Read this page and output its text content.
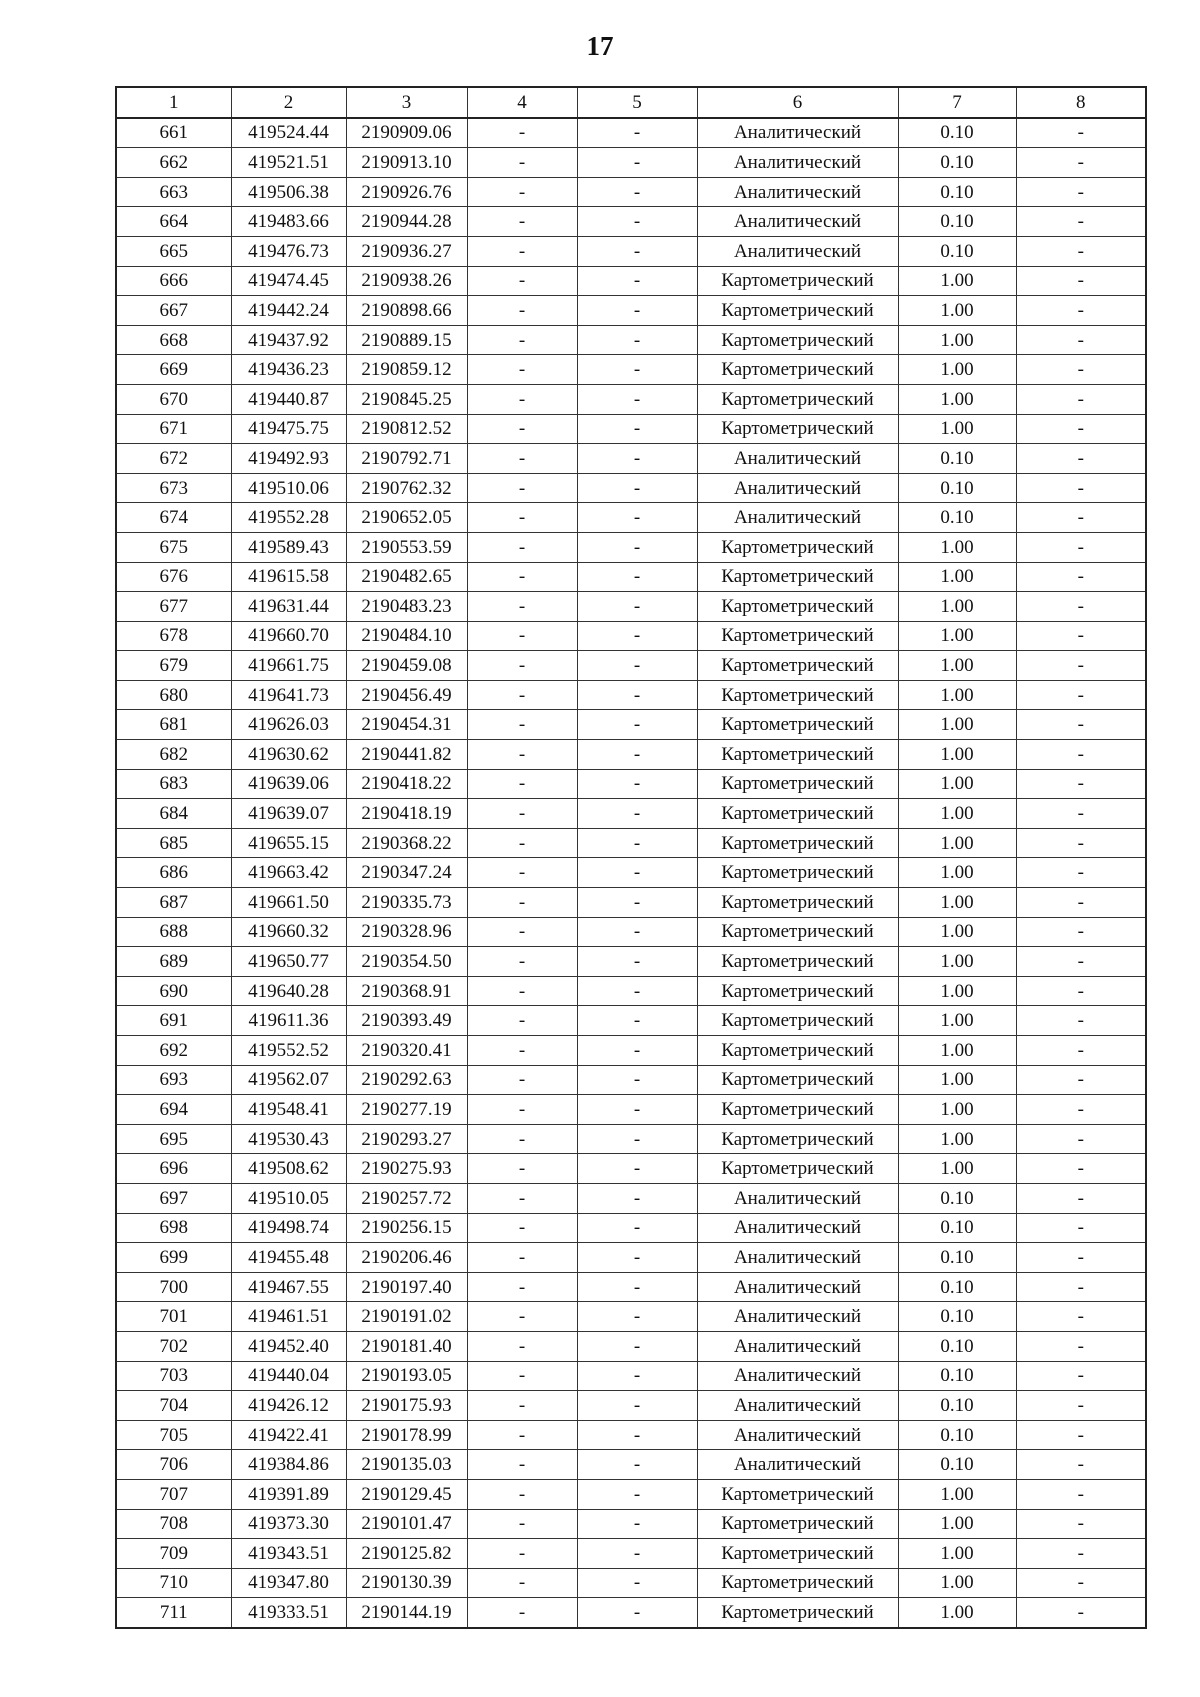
17
1	2	3	4	5	6	7	8
661	419524.44	2190909.06	-	-	Аналитический	0.10	-
662	419521.51	2190913.10	-	-	Аналитический	0.10	-
663	419506.38	2190926.76	-	-	Аналитический	0.10	-
664	419483.66	2190944.28	-	-	Аналитический	0.10	-
665	419476.73	2190936.27	-	-	Аналитический	0.10	-
666	419474.45	2190938.26	-	-	Картометрический	1.00	-
667	419442.24	2190898.66	-	-	Картометрический	1.00	-
668	419437.92	2190889.15	-	-	Картометрический	1.00	-
669	419436.23	2190859.12	-	-	Картометрический	1.00	-
670	419440.87	2190845.25	-	-	Картометрический	1.00	-
671	419475.75	2190812.52	-	-	Картометрический	1.00	-
672	419492.93	2190792.71	-	-	Аналитический	0.10	-
673	419510.06	2190762.32	-	-	Аналитический	0.10	-
674	419552.28	2190652.05	-	-	Аналитический	0.10	-
675	419589.43	2190553.59	-	-	Картометрический	1.00	-
676	419615.58	2190482.65	-	-	Картометрический	1.00	-
677	419631.44	2190483.23	-	-	Картометрический	1.00	-
678	419660.70	2190484.10	-	-	Картометрический	1.00	-
679	419661.75	2190459.08	-	-	Картометрический	1.00	-
680	419641.73	2190456.49	-	-	Картометрический	1.00	-
681	419626.03	2190454.31	-	-	Картометрический	1.00	-
682	419630.62	2190441.82	-	-	Картометрический	1.00	-
683	419639.06	2190418.22	-	-	Картометрический	1.00	-
684	419639.07	2190418.19	-	-	Картометрический	1.00	-
685	419655.15	2190368.22	-	-	Картометрический	1.00	-
686	419663.42	2190347.24	-	-	Картометрический	1.00	-
687	419661.50	2190335.73	-	-	Картометрический	1.00	-
688	419660.32	2190328.96	-	-	Картометрический	1.00	-
689	419650.77	2190354.50	-	-	Картометрический	1.00	-
690	419640.28	2190368.91	-	-	Картометрический	1.00	-
691	419611.36	2190393.49	-	-	Картометрический	1.00	-
692	419552.52	2190320.41	-	-	Картометрический	1.00	-
693	419562.07	2190292.63	-	-	Картометрический	1.00	-
694	419548.41	2190277.19	-	-	Картометрический	1.00	-
695	419530.43	2190293.27	-	-	Картометрический	1.00	-
696	419508.62	2190275.93	-	-	Картометрический	1.00	-
697	419510.05	2190257.72	-	-	Аналитический	0.10	-
698	419498.74	2190256.15	-	-	Аналитический	0.10	-
699	419455.48	2190206.46	-	-	Аналитический	0.10	-
700	419467.55	2190197.40	-	-	Аналитический	0.10	-
701	419461.51	2190191.02	-	-	Аналитический	0.10	-
702	419452.40	2190181.40	-	-	Аналитический	0.10	-
703	419440.04	2190193.05	-	-	Аналитический	0.10	-
704	419426.12	2190175.93	-	-	Аналитический	0.10	-
705	419422.41	2190178.99	-	-	Аналитический	0.10	-
706	419384.86	2190135.03	-	-	Аналитический	0.10	-
707	419391.89	2190129.45	-	-	Картометрический	1.00	-
708	419373.30	2190101.47	-	-	Картометрический	1.00	-
709	419343.51	2190125.82	-	-	Картометрический	1.00	-
710	419347.80	2190130.39	-	-	Картометрический	1.00	-
711	419333.51	2190144.19	-	-	Картометрический	1.00	-
